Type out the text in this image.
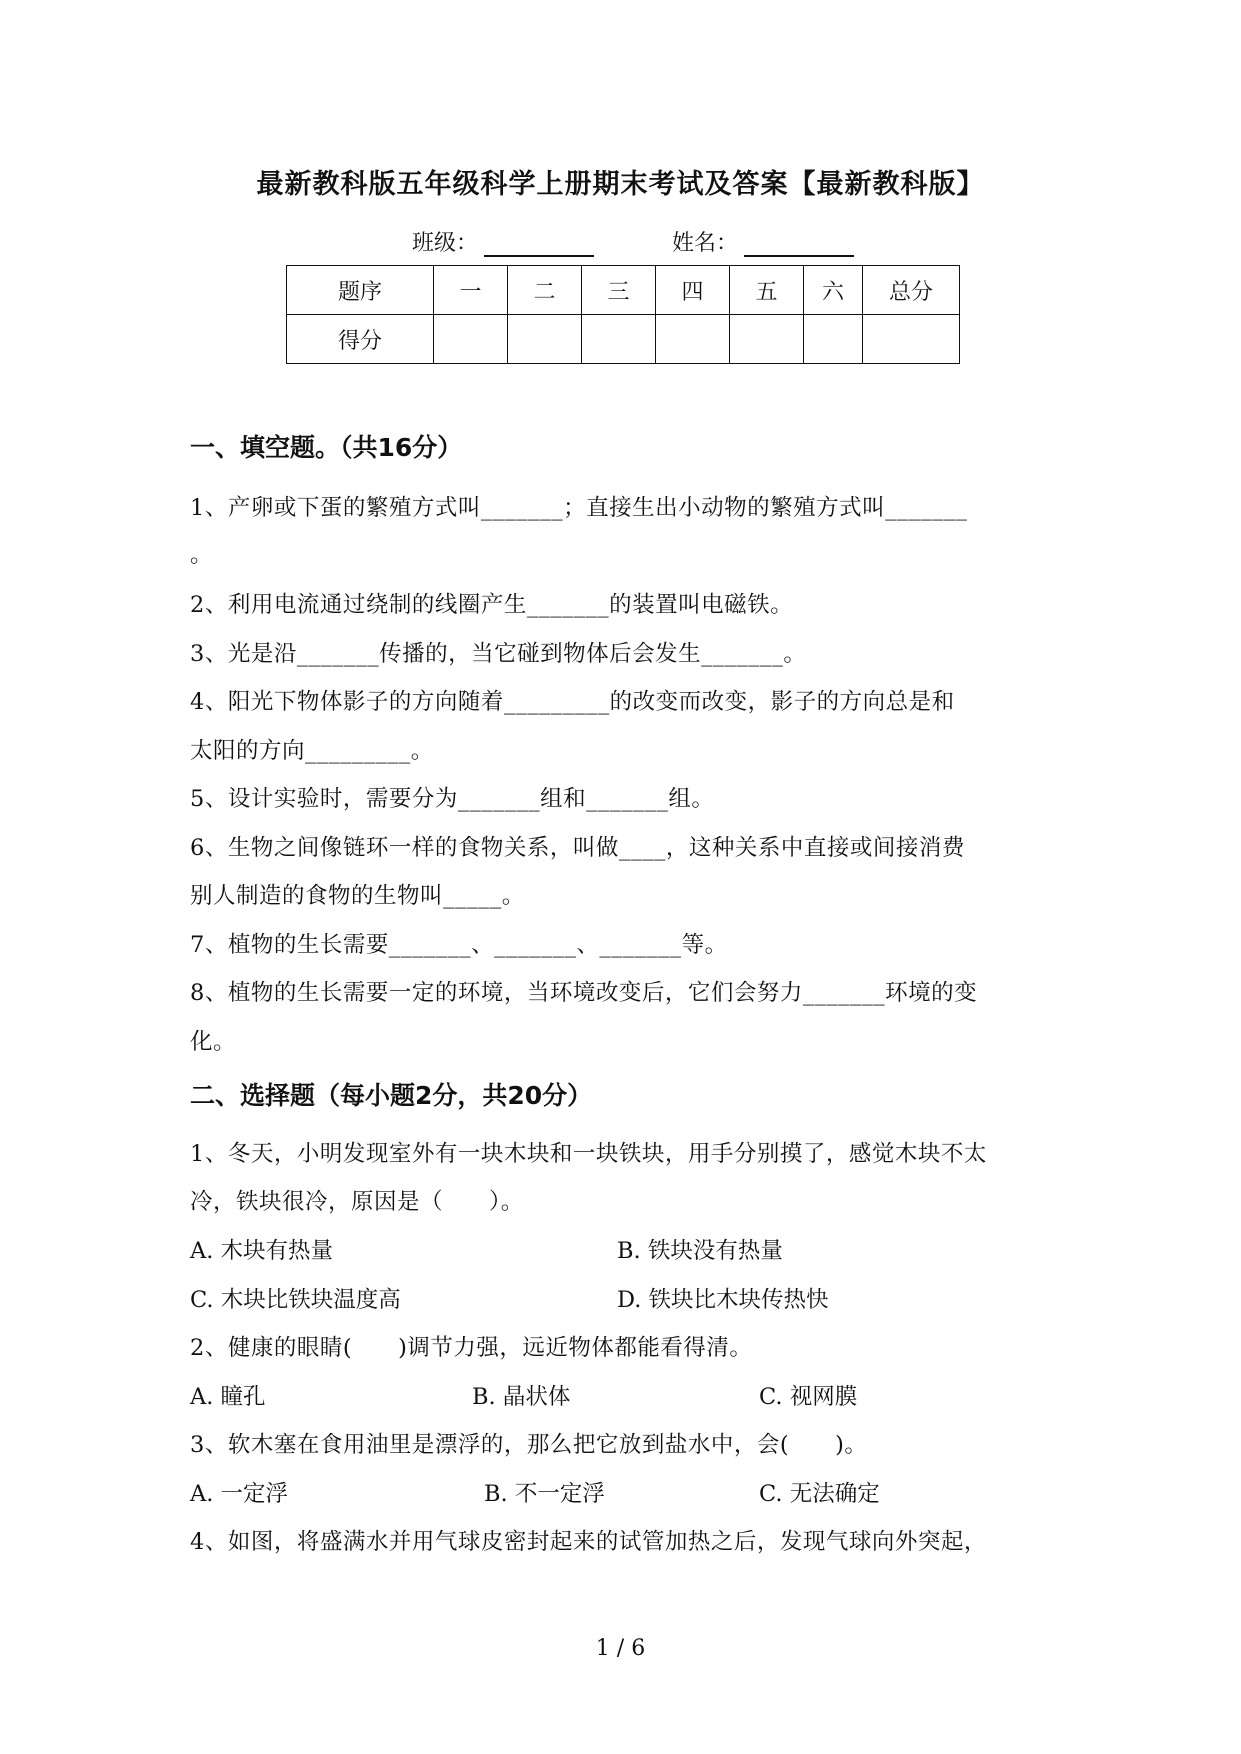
最新教科版五年级科学上册期末考试及答案【最新教科版】
班级：	姓名：
题序	一	二	三	四	五	六	总分
得分							
一、填空题。（共16分）
1、产卵或下蛋的繁殖方式叫_______；直接生出小动物的繁殖方式叫_______
。
2、利用电流通过绕制的线圈产生_______的装置叫电磁铁。
3、光是沿_______传播的，当它碰到物体后会发生_______。
4、阳光下物体影子的方向随着_________的改变而改变，影子的方向总是和
太阳的方向_________。
5、设计实验时，需要分为_______组和_______组。
6、生物之间像链环一样的食物关系，叫做____，这种关系中直接或间接消费
别人制造的食物的生物叫_____。
7、植物的生长需要_______、_______、_______等。
8、植物的生长需要一定的环境，当环境改变后，它们会努力_______环境的变
化。
二、选择题（每小题2分，共20分）
1、冬天，小明发现室外有一块木块和一块铁块，用手分别摸了，感觉木块不太
冷，铁块很冷，原因是（　　）。
A. 木块有热量	B. 铁块没有热量
C. 木块比铁块温度高	D. 铁块比木块传热快
2、健康的眼睛(　　)调节力强，远近物体都能看得清。
A. 瞳孔	B. 晶状体	C. 视网膜
3、软木塞在食用油里是漂浮的，那么把它放到盐水中，会(　　)。
A. 一定浮	B. 不一定浮	C. 无法确定
4、如图，将盛满水并用气球皮密封起来的试管加热之后，发现气球向外突起，
1 / 6
